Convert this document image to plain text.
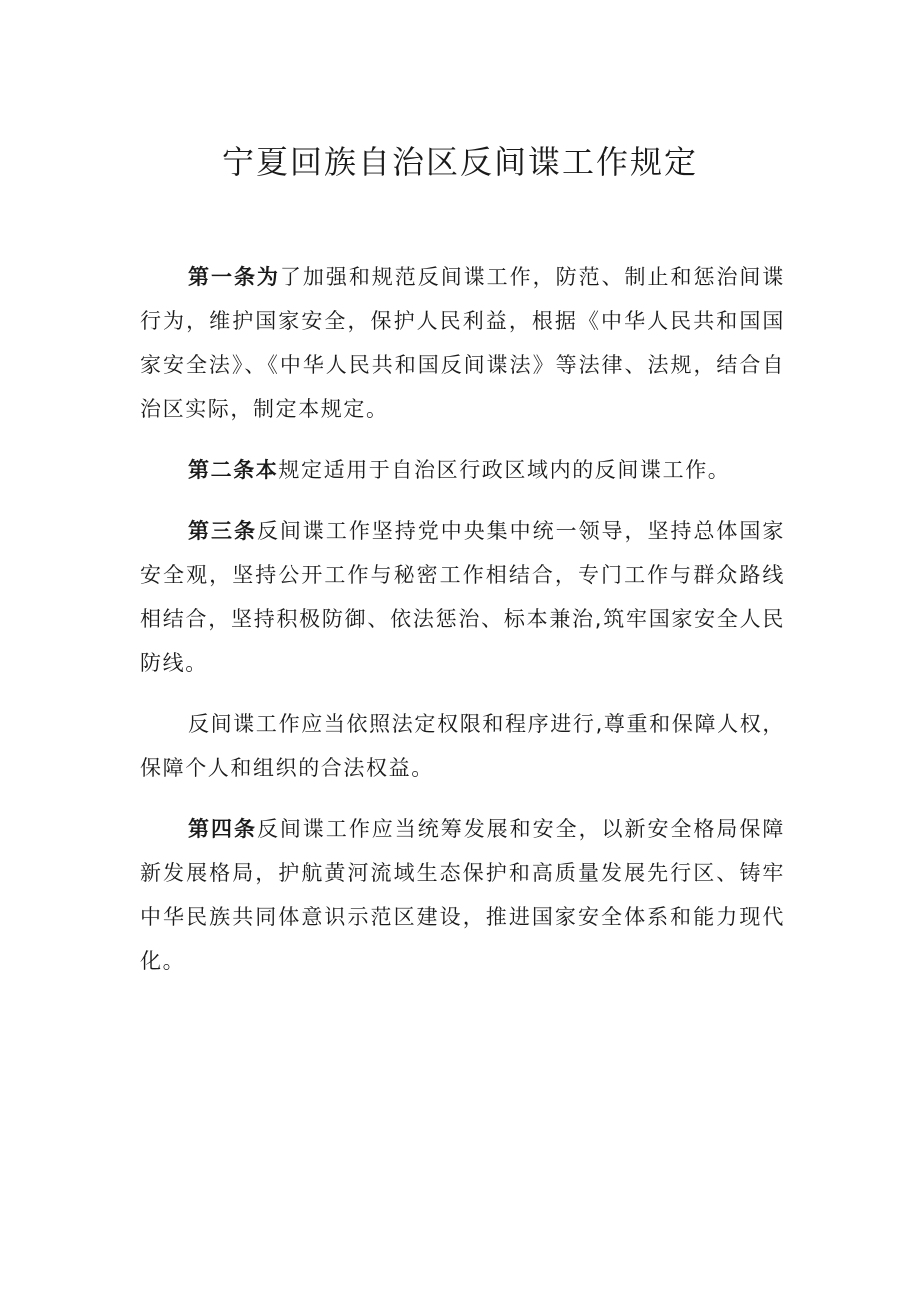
宁夏回族自治区反间谍工作规定

第一条为了加强和规范反间谍工作，防范、制止和惩治间谍行为，维护国家安全，保护人民利益，根据《中华人民共和国国家安全法》、《中华人民共和国反间谍法》等法律、法规，结合自治区实际，制定本规定。

第二条本规定适用于自治区行政区域内的反间谍工作。

第三条反间谍工作坚持党中央集中统一领导，坚持总体国家安全观，坚持公开工作与秘密工作相结合，专门工作与群众路线相结合，坚持积极防御、依法惩治、标本兼治,筑牢国家安全人民防线。

反间谍工作应当依照法定权限和程序进行,尊重和保障人权，保障个人和组织的合法权益。

第四条反间谍工作应当统筹发展和安全，以新安全格局保障新发展格局，护航黄河流域生态保护和高质量发展先行区、铸牢中华民族共同体意识示范区建设，推进国家安全体系和能力现代化。
